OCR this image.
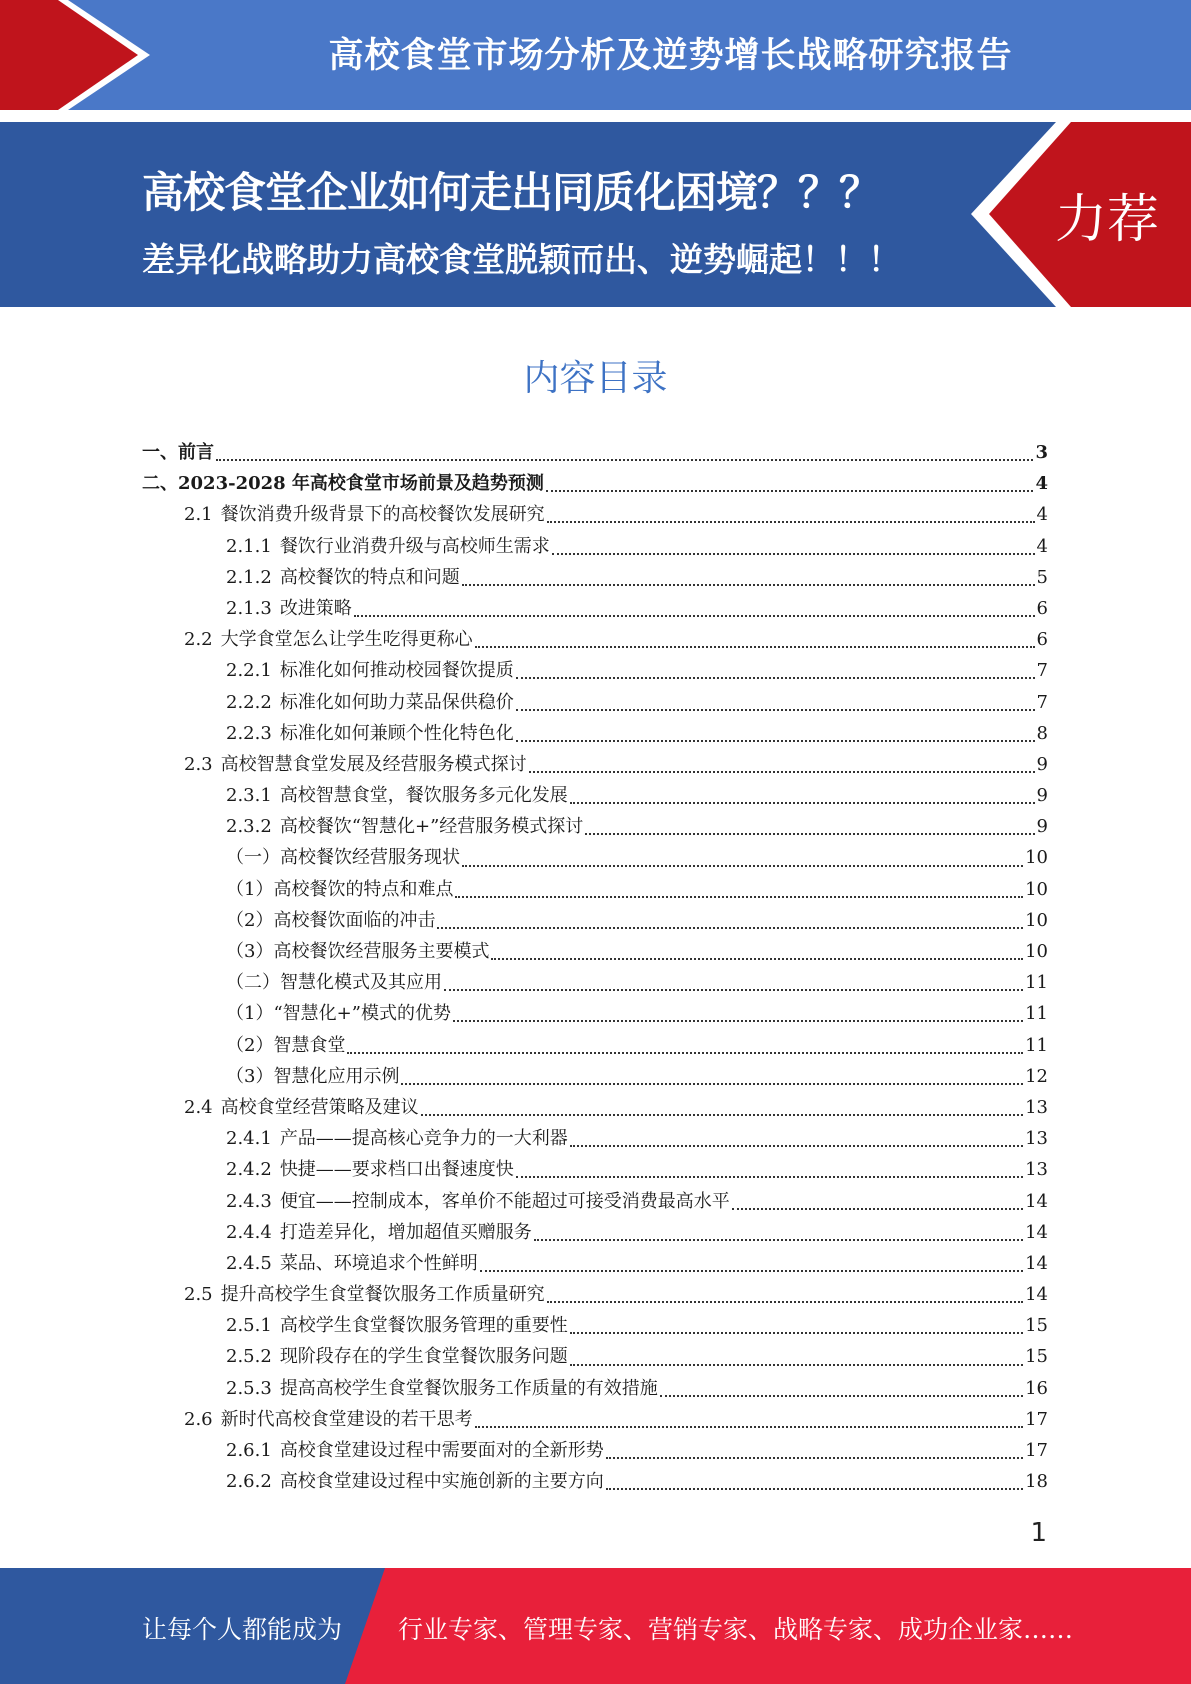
高校食堂市场分析及逆势增长战略研究报告
高校食堂企业如何走出同质化困境？？？
差异化战略助力高校食堂脱颖而出、逆势崛起！！！
力荐
内容目录
一、前言	3
二、2023-2028 年高校食堂市场前景及趋势预测	4
2.1 餐饮消费升级背景下的高校餐饮发展研究	4
2.1.1 餐饮行业消费升级与高校师生需求	4
2.1.2 高校餐饮的特点和问题	5
2.1.3 改进策略	6
2.2 大学食堂怎么让学生吃得更称心	6
2.2.1 标准化如何推动校园餐饮提质	7
2.2.2 标准化如何助力菜品保供稳价	7
2.2.3 标准化如何兼顾个性化特色化	8
2.3 高校智慧食堂发展及经营服务模式探讨	9
2.3.1 高校智慧食堂，餐饮服务多元化发展	9
2.3.2 高校餐饮“智慧化+”经营服务模式探讨	9
（一）高校餐饮经营服务现状	10
（1）高校餐饮的特点和难点	10
（2）高校餐饮面临的冲击	10
（3）高校餐饮经营服务主要模式	10
（二）智慧化模式及其应用	11
（1）“智慧化+”模式的优势	11
（2）智慧食堂	11
（3）智慧化应用示例	12
2.4 高校食堂经营策略及建议	13
2.4.1 产品——提高核心竞争力的一大利器	13
2.4.2 快捷——要求档口出餐速度快	13
2.4.3 便宜——控制成本，客单价不能超过可接受消费最高水平	14
2.4.4 打造差异化，增加超值买赠服务	14
2.4.5 菜品、环境追求个性鲜明	14
2.5 提升高校学生食堂餐饮服务工作质量研究	14
2.5.1 高校学生食堂餐饮服务管理的重要性	15
2.5.2 现阶段存在的学生食堂餐饮服务问题	15
2.5.3 提高高校学生食堂餐饮服务工作质量的有效措施	16
2.6 新时代高校食堂建设的若干思考	17
2.6.1 高校食堂建设过程中需要面对的全新形势	17
2.6.2 高校食堂建设过程中实施创新的主要方向	18
1
让每个人都能成为 行业专家、管理专家、营销专家、战略专家、成功企业家……
